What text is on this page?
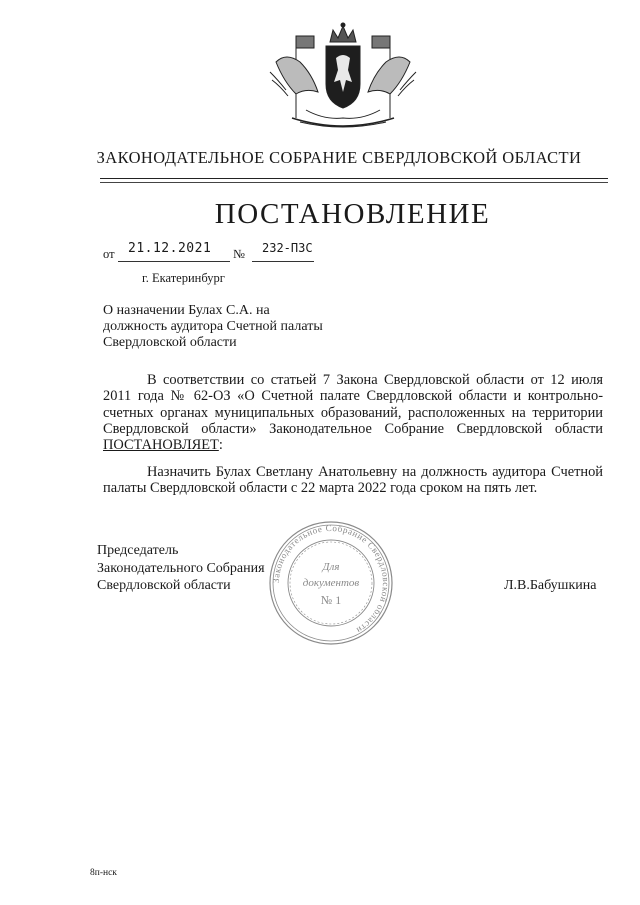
ЗАКОНОДАТЕЛЬНОЕ СОБРАНИЕ СВЕРДЛОВСКОЙ ОБЛАСТИ
ПОСТАНОВЛЕНИЕ
от 21.12.2021 № 232-ПЗС
г. Екатеринбург
О назначении Булах С.А. на должность аудитора Счетной палаты Свердловской области
В соответствии со статьей 7 Закона Свердловской области от 12 июля 2011 года № 62-ОЗ «О Счетной палате Свердловской области и контрольно-счетных органах муниципальных образований, расположенных на территории Свердловской области» Законодательное Собрание Свердловской области ПОСТАНОВЛЯЕТ:
Назначить Булах Светлану Анатольевну на должность аудитора Счетной палаты Свердловской области с 22 марта 2022 года сроком на пять лет.
Председатель
Законодательного Собрания
Свердловской области	Законодательное Собрание Свердловской области
Для
документов
№ 1
Л.В.Бабушкина
8п-нск
